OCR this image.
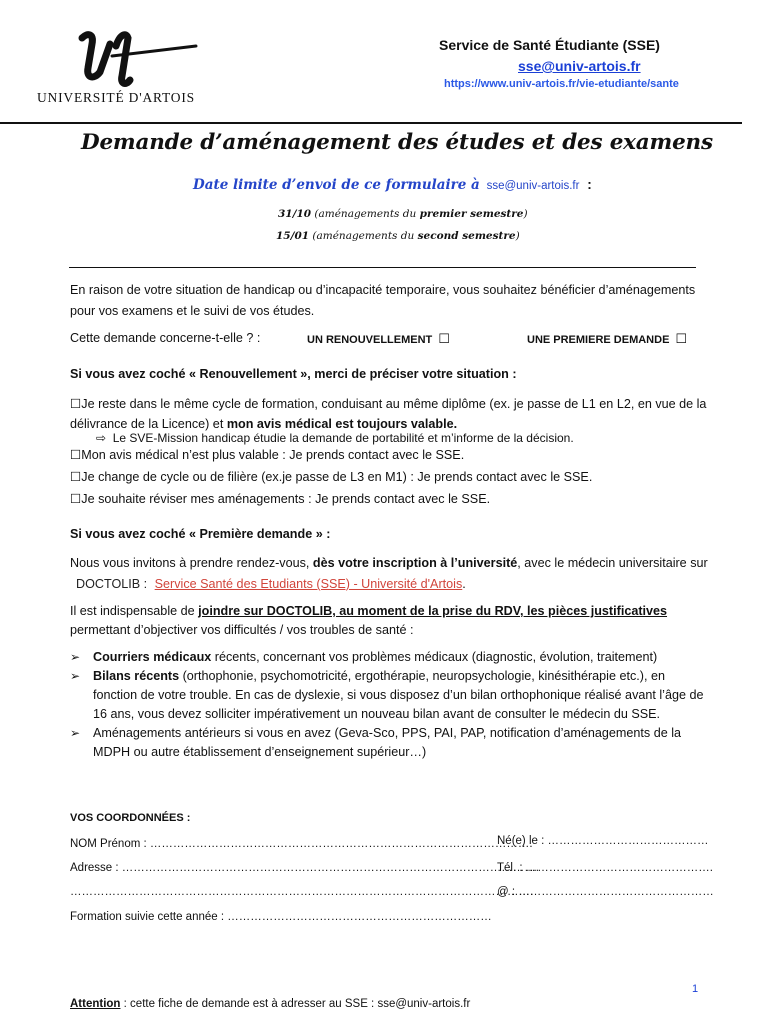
UNIVERSITÉ D'ARTOIS
Service de Santé Étudiante (SSE)
sse@univ-artois.fr
https://www.univ-artois.fr/vie-etudiante/sante
Demande d’aménagement des études et des examens
Date limite d’envoi de ce formulaire à sse@univ-artois.fr :
31/10 (aménagements du premier semestre)
15/01 (aménagements du second semestre)
En raison de votre situation de handicap ou d’incapacité temporaire, vous souhaitez bénéficier d’aménagements pour vos examens et le suivi de vos études.
Cette demande concerne-t-elle ? :	UN RENOUVELLEMENT ☐	UNE PREMIERE DEMANDE ☐
Si vous avez coché « Renouvellement », merci de préciser votre situation :
☐Je reste dans le même cycle de formation, conduisant au même diplôme (ex. je passe de L1 en L2, en vue de la délivrance de la Licence) et mon avis médical est toujours valable.
⇨ Le SVE-Mission handicap étudie la demande de portabilité et m’informe de la décision.
☐Mon avis médical n’est plus valable : Je prends contact avec le SSE.
☐Je change de cycle ou de filière (ex.je passe de L3 en M1) : Je prends contact avec le SSE.
☐Je souhaite réviser mes aménagements : Je prends contact avec le SSE.
Si vous avez coché « Première demande » :
Nous vous invitons à prendre rendez-vous, dès votre inscription à l’université, avec le médecin universitaire sur DOCTOLIB : Service Santé des Etudiants (SSE) - Université d'Artois.
Il est indispensable de joindre sur DOCTOLIB, au moment de la prise du RDV, les pièces justificatives permettant d’objectiver vos difficultés / vos troubles de santé :
➢ Courriers médicaux récents, concernant vos problèmes médicaux (diagnostic, évolution, traitement)
➢ Bilans récents (orthophonie, psychomotricité, ergothérapie, neuropsychologie, kinésithérapie etc.), en fonction de votre trouble. En cas de dyslexie, si vous disposez d’un bilan orthophonique réalisé avant l’âge de 16 ans, vous devez solliciter impérativement un nouveau bilan avant de consulter le médecin du SSE.
➢ Aménagements antérieurs si vous en avez (Geva-Sco, PPS, PAI, PAP, notification d’aménagements de la MDPH ou autre établissement d’enseignement supérieur…)
VOS COORDONNÉES :
NOM Prénom : ……………………………………………………………………………………….
Né(e) le : ……………………………………
Adresse : ……………………………………………………………………………………………….
Tél. : ………………………………………….
………………………………………………………………………………………………………….
@ : ……………………………………………
Formation suivie cette année : ……………………………………………………………
1
Attention : cette fiche de demande est à adresser au SSE : sse@univ-artois.fr
